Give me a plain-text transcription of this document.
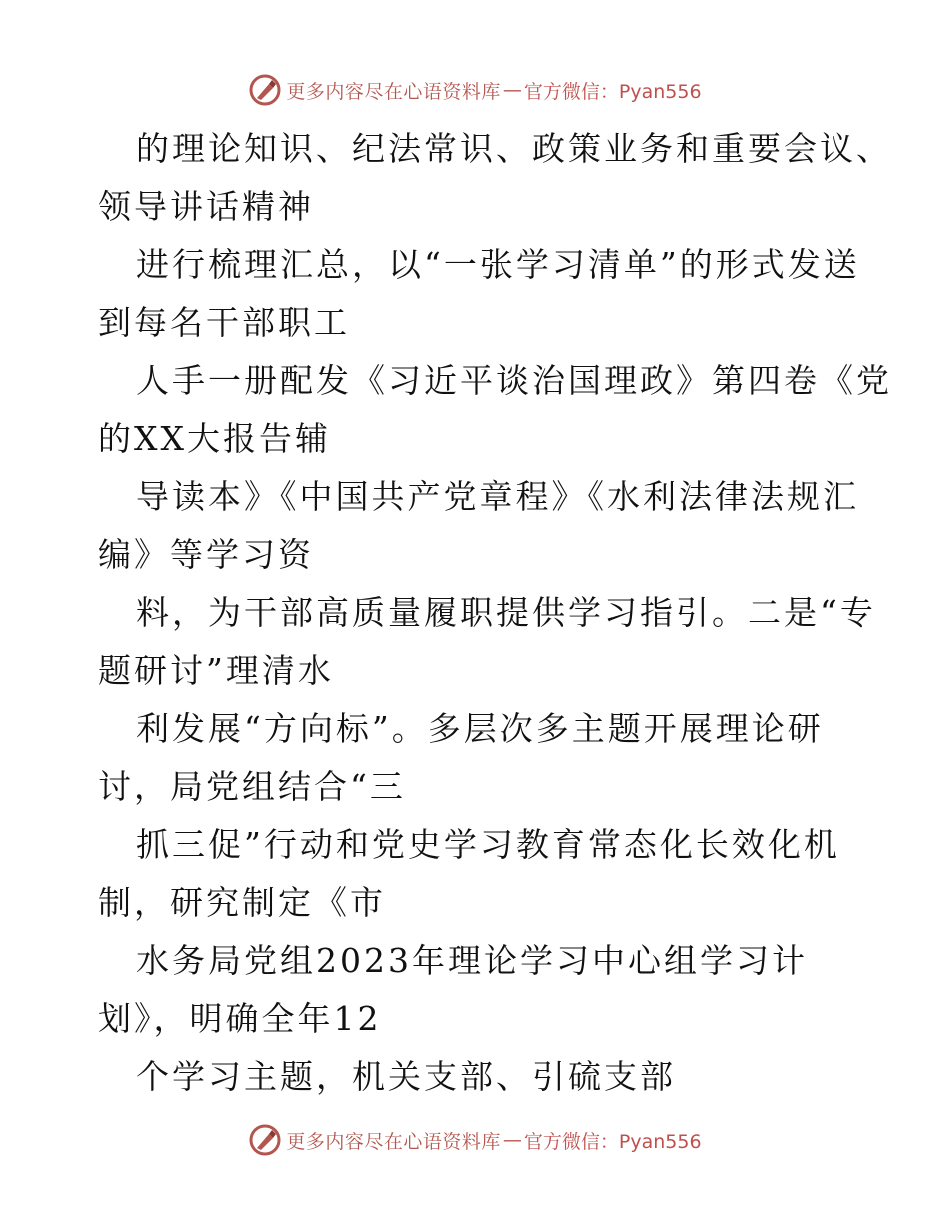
更多内容尽在心语资料库 — 官方微信：Pyan556
的理论知识、纪法常识、政策业务和重要会议、
领导讲话精神
进行梳理汇总，以“一张学习清单”的形式发送
到每名干部职工
人手一册配发《习近平谈治国理政》第四卷《党
的XX大报告辅
导读本》《中国共产党章程》《水利法律法规汇
编》等学习资
料，为干部高质量履职提供学习指引。二是“专
题研讨”理清水
利发展“方向标”。多层次多主题开展理论研
讨，局党组结合“三
抓三促”行动和党史学习教育常态化长效化机
制，研究制定《市
水务局党组2023年理论学习中心组学习计
划》，明确全年12
个学习主题，机关支部、引硫支部
更多内容尽在心语资料库 — 官方微信：Pyan556
